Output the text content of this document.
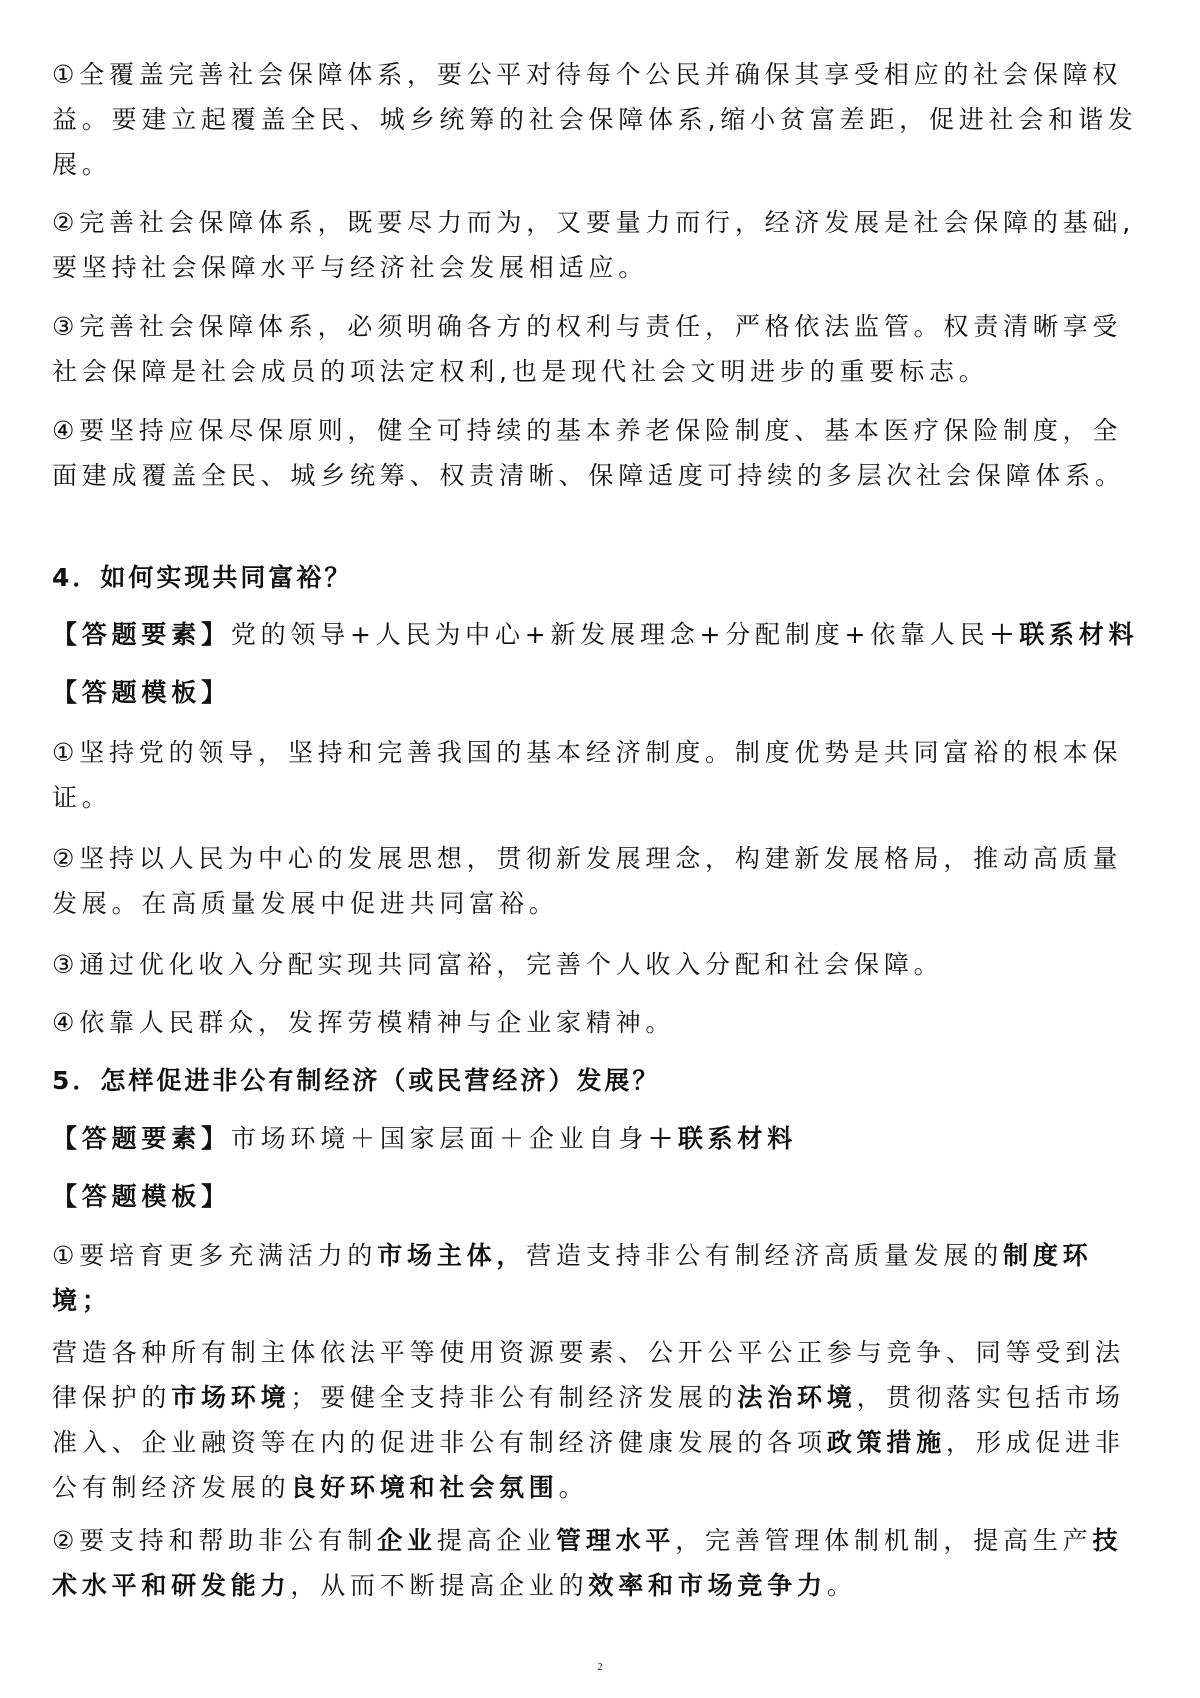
①全覆盖完善社会保障体系，要公平对待每个公民并确保其享受相应的社会保障权益。要建立起覆盖全民、城乡统筹的社会保障体系,缩小贫富差距，促进社会和谐发展。

②完善社会保障体系，既要尽力而为，又要量力而行，经济发展是社会保障的基础,要坚持社会保障水平与经济社会发展相适应。

③完善社会保障体系，必须明确各方的权利与责任，严格依法监管。权责清晰享受社会保障是社会成员的项法定权利,也是现代社会文明进步的重要标志。

④要坚持应保尽保原则，健全可持续的基本养老保险制度、基本医疗保险制度，全面建成覆盖全民、城乡统筹、权责清晰、保障适度可持续的多层次社会保障体系。

4．如何实现共同富裕？

【答题要素】党的领导+人民为中心+新发展理念+分配制度+依靠人民＋联系材料

【答题模板】

①坚持党的领导，坚持和完善我国的基本经济制度。制度优势是共同富裕的根本保证。

②坚持以人民为中心的发展思想，贯彻新发展理念，构建新发展格局，推动高质量发展。在高质量发展中促进共同富裕。

③通过优化收入分配实现共同富裕，完善个人收入分配和社会保障。

④依靠人民群众，发挥劳模精神与企业家精神。

5．怎样促进非公有制经济（或民营经济）发展？

【答题要素】市场环境＋国家层面＋企业自身＋联系材料

【答题模板】

①要培育更多充满活力的市场主体，营造支持非公有制经济高质量发展的制度环境；

营造各种所有制主体依法平等使用资源要素、公开公平公正参与竞争、同等受到法律保护的市场环境；要健全支持非公有制经济发展的法治环境，贯彻落实包括市场准入、企业融资等在内的促进非公有制经济健康发展的各项政策措施，形成促进非公有制经济发展的良好环境和社会氛围。

②要支持和帮助非公有制企业提高企业管理水平，完善管理体制机制，提高生产技术水平和研发能力，从而不断提高企业的效率和市场竞争力。

2
